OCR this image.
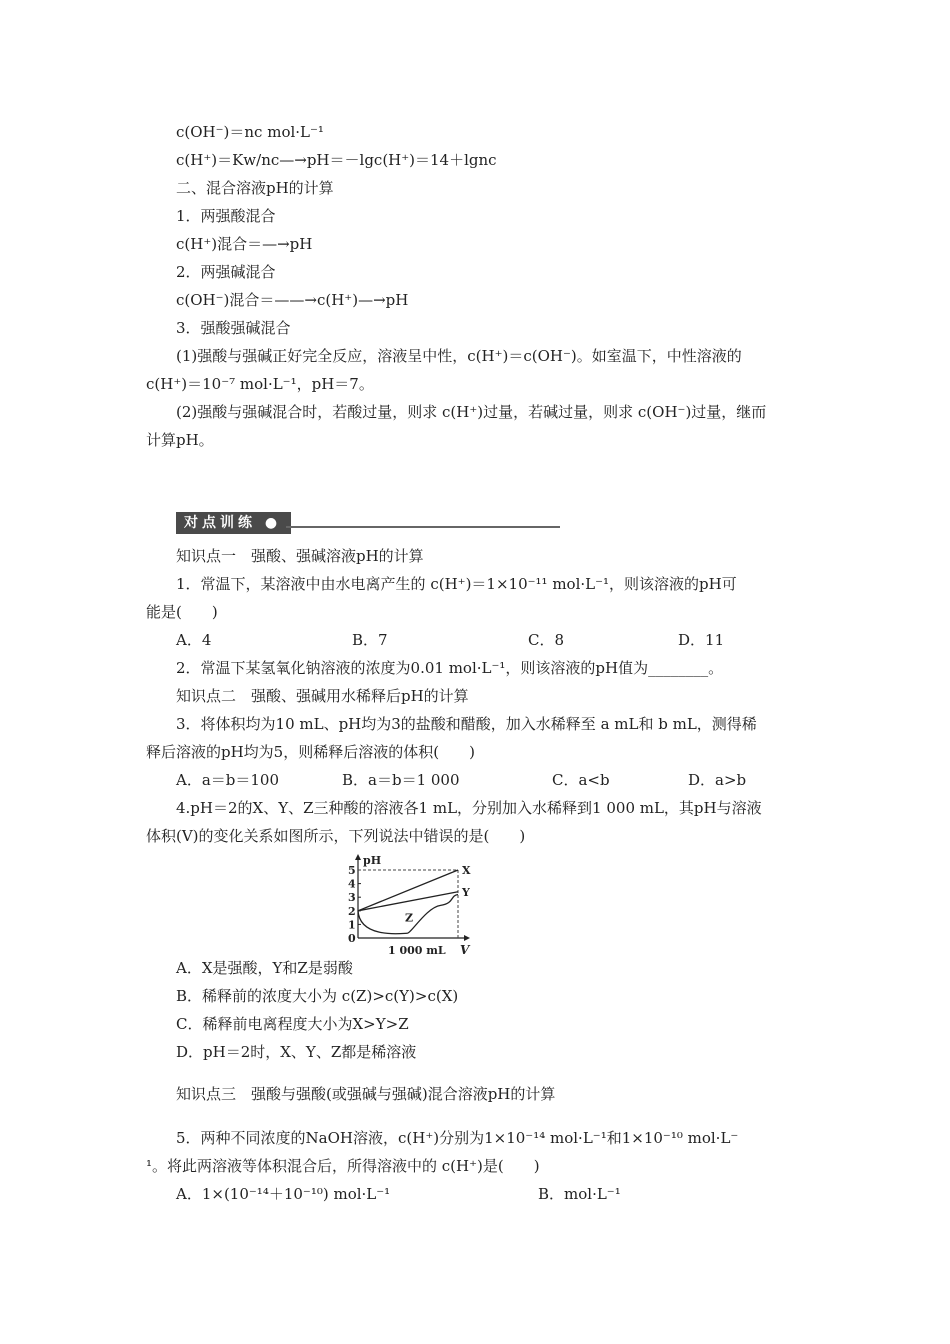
c(OH⁻)＝nc mol·L⁻¹
c(H⁺)＝Kw/nc—→pH＝－lgc(H⁺)＝14＋lgnc
二、混合溶液pH的计算
1．两强酸混合
c(H⁺)混合＝—→pH
2．两强碱混合
c(OH⁻)混合＝——→c(H⁺)—→pH
3．强酸强碱混合
(1)强酸与强碱正好完全反应，溶液呈中性，c(H⁺)＝c(OH⁻)。如室温下，中性溶液的
c(H⁺)＝10⁻⁷ mol·L⁻¹，pH＝7。
(2)强酸与强碱混合时，若酸过量，则求 c(H⁺)过量，若碱过量，则求 c(OH⁻)过量，继而
计算pH。
对点训练 ●
知识点一　强酸、强碱溶液pH的计算
1．常温下，某溶液中由水电离产生的 c(H⁺)＝1×10⁻¹¹ mol·L⁻¹，则该溶液的pH可
能是(　　)
A．4	B．7	C．8	D．11
2．常温下某氢氧化钠溶液的浓度为0.01 mol·L⁻¹，则该溶液的pH值为________。
知识点二　强酸、强碱用水稀释后pH的计算
3．将体积均为10 mL、pH均为3的盐酸和醋酸，加入水稀释至 a mL和 b mL，测得稀
释后溶液的pH均为5，则稀释后溶液的体积(　　)
A．a＝b＝100	B．a＝b＝1 000	C．a<b	D．a>b
4.pH＝2的X、Y、Z三种酸的溶液各1 mL，分别加入水稀释到1 000 mL，其pH与溶液
体积(V)的变化关系如图所示，下列说法中错误的是(　　)
0
1
2
3
4
5
pH
V
1 000 mL
X
Y
Z
A．X是强酸，Y和Z是弱酸
B．稀释前的浓度大小为 c(Z)>c(Y)>c(X)
C．稀释前电离程度大小为X>Y>Z
D．pH＝2时，X、Y、Z都是稀溶液
知识点三　强酸与强酸(或强碱与强碱)混合溶液pH的计算
5．两种不同浓度的NaOH溶液，c(H⁺)分别为1×10⁻¹⁴ mol·L⁻¹和1×10⁻¹⁰ mol·L⁻
¹。将此两溶液等体积混合后，所得溶液中的 c(H⁺)是(　　)
A．1×(10⁻¹⁴＋10⁻¹⁰) mol·L⁻¹	B．mol·L⁻¹
